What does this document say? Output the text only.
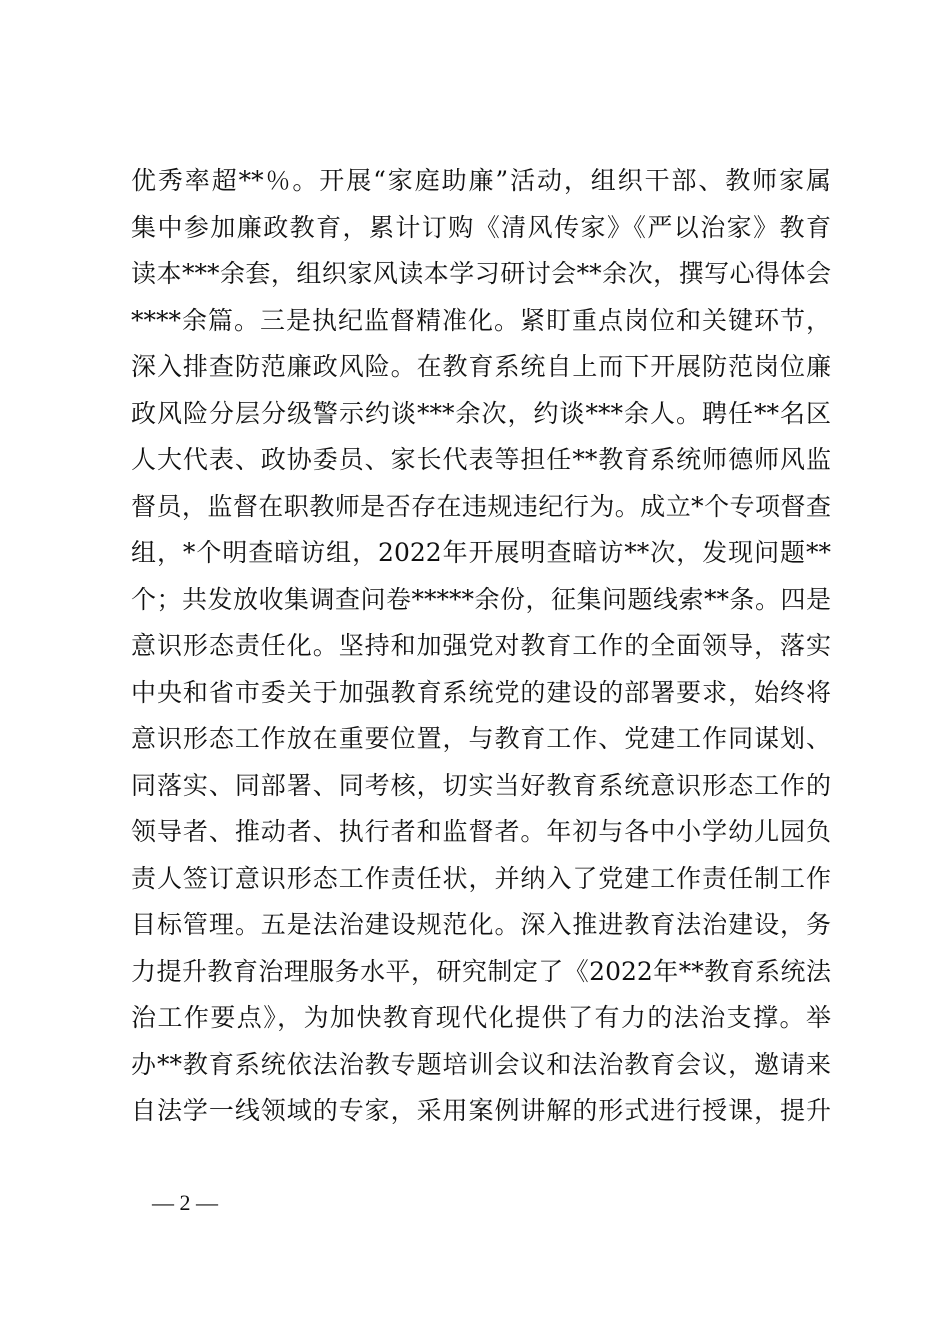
优秀率超**％。开展“家庭助廉”活动，组织干部、教师家属
集中参加廉政教育，累计订购《清风传家》《严以治家》教育
读本***余套，组织家风读本学习研讨会**余次，撰写心得体会
****余篇。三是执纪监督精准化。紧盯重点岗位和关键环节，
深入排查防范廉政风险。在教育系统自上而下开展防范岗位廉
政风险分层分级警示约谈***余次，约谈***余人。聘任**名区
人大代表、政协委员、家长代表等担任**教育系统师德师风监
督员，监督在职教师是否存在违规违纪行为。成立*个专项督查
组，*个明查暗访组，2022年开展明查暗访**次，发现问题**
个；共发放收集调查问卷*****余份，征集问题线索**条。四是
意识形态责任化。坚持和加强党对教育工作的全面领导，落实
中央和省市委关于加强教育系统党的建设的部署要求，始终将
意识形态工作放在重要位置，与教育工作、党建工作同谋划、
同落实、同部署、同考核，切实当好教育系统意识形态工作的
领导者、推动者、执行者和监督者。年初与各中小学幼儿园负
责人签订意识形态工作责任状，并纳入了党建工作责任制工作
目标管理。五是法治建设规范化。深入推进教育法治建设，务
力提升教育治理服务水平，研究制定了《2022年**教育系统法
治工作要点》，为加快教育现代化提供了有力的法治支撑。举
办**教育系统依法治教专题培训会议和法治教育会议，邀请来
自法学一线领域的专家，采用案例讲解的形式进行授课，提升
— 2 —
